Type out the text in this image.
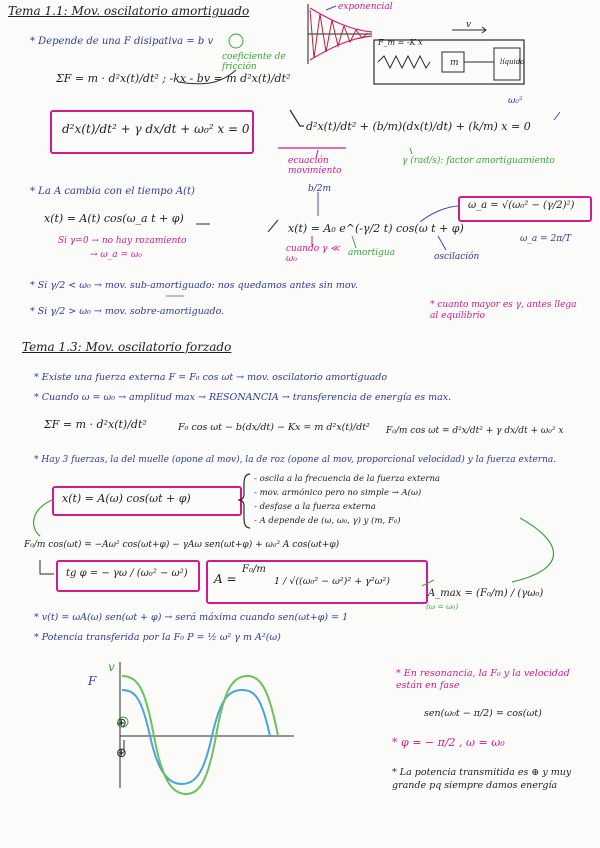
Tema 1.1: Mov. oscilatorio amortiguado	exponencial
* Depende de una F disipativa = b v
coeficiente de fricción
ΣF = m · d²x(t)/dt² ; -kx - bv = m d²x(t)/dt²
d²x(t)/dt² + γ dx/dt + ω₀² x = 0	d²x(t)/dt² + (b/m)(dx(t)/dt) + (k/m) x = 0
ecuación movimiento
γ (rad/s): factor amortiguamiento
ω₀²
F_m = -K x
v
m	líquido
* La A cambia con el tiempo A(t)
x(t) = A(t) cos(ω_a t + φ)
Si γ=0 → no hay rozamiento
→ ω_a = ω₀
b/2m
x(t) = A₀ e^(-γ/2 t) cos(ω t + φ)
cuando γ ≪ ω₀
amortigua	oscilación
ω_a = √(ω₀² − (γ/2)²)
ω_a = 2π/T
* Si γ/2 < ω₀ → mov. sub-amortiguado: nos quedamos antes sin mov.
* Si γ/2 > ω₀ → mov. sobre-amortiguado.
* cuanto mayor es γ, antes llega al equilibrio
Tema 1.3: Mov. oscilatorio forzado
* Existe una fuerza externa F = F₀ cos ωt → mov. oscilatorio amortiguado
* Cuando ω = ω₀ → amplitud max → RESONANCIA → transferencia de energía es max.
ΣF = m · d²x(t)/dt²	F₀ cos ωt − b(dx/dt) − Kx = m d²x(t)/dt² F₀/m cos ωt = d²x/dt² + γ dx/dt + ω₀² x
* Hay 3 fuerzas, la del muelle (opone al mov), la de roz (opone al mov, proporcional velocidad) y la fuerza externa.
x(t) = A(ω) cos(ωt + φ)
- oscila a la frecuencia de la fuerza externa
- mov. armónico pero no simple → A(ω)
- desfase a la fuerza externa
- A depende de (ω, ω₀, γ) y (m, F₀)
F₀/m cos(ωt) = −Aω² cos(ωt+φ) − γAω sen(ωt+φ) + ω₀² A cos(ωt+φ)
tg φ = − γω / (ω₀² − ω²) A =
F₀/m
1 / √((ω₀² − ω²)² + γ²ω²)
A_max = (F₀/m) / (γω₀)
(ω = ω₀)
* v(t) = ωA(ω) sen(ωt + φ) → será máxima cuando sen(ωt+φ) = 1
* Potencia transferida por la F₀ P = ½ ω² γ m A²(ω)
F
v
⊕
⊕
* En resonancia, la F₀ y la velocidad están en fase
sen(ω₀t − π/2) = cos(ωt)
* φ = − π/2 , ω = ω₀
* La potencia transmitida es ⊕ y muy grande pq siempre damos energía
